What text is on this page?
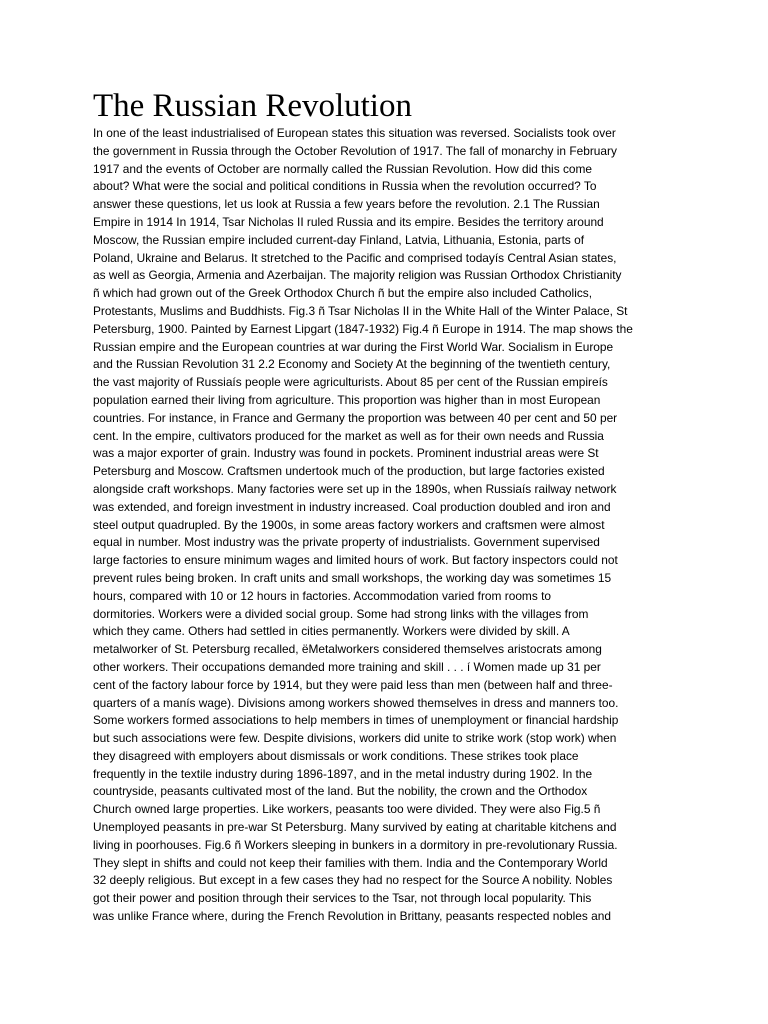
The Russian Revolution
In one of the least industrialised of European states this situation was reversed. Socialists took over
the government in Russia through the October Revolution of 1917. The fall of monarchy in February
1917 and the events of October are normally called the Russian Revolution. How did this come
about? What were the social and political conditions in Russia when the revolution occurred? To
answer these questions, let us look at Russia a few years before the revolution. 2.1 The Russian
Empire in 1914 In 1914, Tsar Nicholas II ruled Russia and its empire. Besides the territory around
Moscow, the Russian empire included current-day Finland, Latvia, Lithuania, Estonia, parts of
Poland, Ukraine and Belarus. It stretched to the Pacific and comprised todayís Central Asian states,
as well as Georgia, Armenia and Azerbaijan. The majority religion was Russian Orthodox Christianity
ñ which had grown out of the Greek Orthodox Church ñ but the empire also included Catholics,
Protestants, Muslims and Buddhists. Fig.3 ñ Tsar Nicholas II in the White Hall of the Winter Palace, St
Petersburg, 1900. Painted by Earnest Lipgart (1847-1932) Fig.4 ñ Europe in 1914. The map shows the
Russian empire and the European countries at war during the First World War. Socialism in Europe
and the Russian Revolution 31 2.2 Economy and Society At the beginning of the twentieth century,
the vast majority of Russiaís people were agriculturists. About 85 per cent of the Russian empireís
population earned their living from agriculture. This proportion was higher than in most European
countries. For instance, in France and Germany the proportion was between 40 per cent and 50 per
cent. In the empire, cultivators produced for the market as well as for their own needs and Russia
was a major exporter of grain. Industry was found in pockets. Prominent industrial areas were St
Petersburg and Moscow. Craftsmen undertook much of the production, but large factories existed
alongside craft workshops. Many factories were set up in the 1890s, when Russiaís railway network
was extended, and foreign investment in industry increased. Coal production doubled and iron and
steel output quadrupled. By the 1900s, in some areas factory workers and craftsmen were almost
equal in number. Most industry was the private property of industrialists. Government supervised
large factories to ensure minimum wages and limited hours of work. But factory inspectors could not
prevent rules being broken. In craft units and small workshops, the working day was sometimes 15
hours, compared with 10 or 12 hours in factories. Accommodation varied from rooms to
dormitories. Workers were a divided social group. Some had strong links with the villages from
which they came. Others had settled in cities permanently. Workers were divided by skill. A
metalworker of St. Petersburg recalled, ëMetalworkers considered themselves aristocrats among
other workers. Their occupations demanded more training and skill . . . í Women made up 31 per
cent of the factory labour force by 1914, but they were paid less than men (between half and three-
quarters of a manís wage). Divisions among workers showed themselves in dress and manners too.
Some workers formed associations to help members in times of unemployment or financial hardship
but such associations were few. Despite divisions, workers did unite to strike work (stop work) when
they disagreed with employers about dismissals or work conditions. These strikes took place
frequently in the textile industry during 1896-1897, and in the metal industry during 1902. In the
countryside, peasants cultivated most of the land. But the nobility, the crown and the Orthodox
Church owned large properties. Like workers, peasants too were divided. They were also Fig.5 ñ
Unemployed peasants in pre-war St Petersburg. Many survived by eating at charitable kitchens and
living in poorhouses. Fig.6 ñ Workers sleeping in bunkers in a dormitory in pre-revolutionary Russia.
They slept in shifts and could not keep their families with them. India and the Contemporary World
32 deeply religious. But except in a few cases they had no respect for the Source A nobility. Nobles
got their power and position through their services to the Tsar, not through local popularity. This
was unlike France where, during the French Revolution in Brittany, peasants respected nobles and
